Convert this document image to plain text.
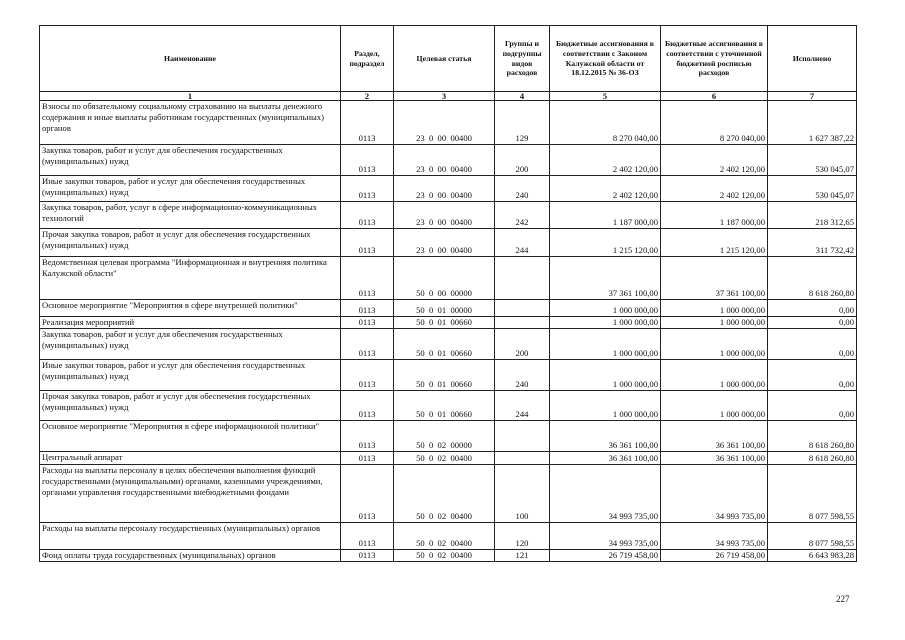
Наименование	Раздел, подраздел	Целевая статья	Группы и подгруппы видов расходов	Бюджетные ассигнования в соответствии с Законом Калужской области от 18.12.2015 № 36-ОЗ	Бюджетные ассигнования в соответствии с уточненной бюджетной росписью расходов	Исполнено
1	2	3	4	5	6	7
Взносы по обязательному социальному страхованию на выплаты денежного содержания и иные выплаты работникам государственных (муниципальных) органов	0113	23  0  00  00400	129	8 270 040,00	8 270 040,00	1 627 387,22
Закупка товаров, работ и услуг для обеспечения государственных (муниципальных) нужд	0113	23  0  00  00400	200	2 402 120,00	2 402 120,00	530 045,07
Иные закупки товаров, работ и услуг для обеспечения государственных (муниципальных) нужд	0113	23  0  00  00400	240	2 402 120,00	2 402 120,00	530 045,07
Закупка товаров, работ, услуг в сфере информационно-коммуникационных технологий	0113	23  0  00  00400	242	1 187 000,00	1 187 000,00	218 312,65
Прочая закупка товаров, работ и услуг для обеспечения государственных (муниципальных) нужд	0113	23  0  00  00400	244	1 215 120,00	1 215 120,00	311 732,42
Ведомственная целевая программа "Информационная и внутренняя политика Калужской области"	0113	50  0  00  00000		37 361 100,00	37 361 100,00	8 618 260,80
Основное мероприятие "Мероприятия в сфере внутренней политики"	0113	50  0  01  00000		1 000 000,00	1 000 000,00	0,00
Реализация мероприятий	0113	50  0  01  00660		1 000 000,00	1 000 000,00	0,00
Закупка товаров, работ и услуг для обеспечения государственных (муниципальных) нужд	0113	50  0  01  00660	200	1 000 000,00	1 000 000,00	0,00
Иные закупки товаров, работ и услуг для обеспечения государственных (муниципальных) нужд	0113	50  0  01  00660	240	1 000 000,00	1 000 000,00	0,00
Прочая закупка товаров, работ и услуг для обеспечения государственных (муниципальных) нужд	0113	50  0  01  00660	244	1 000 000,00	1 000 000,00	0,00
Основное мероприятие "Мероприятия в сфере информационной политики"	0113	50  0  02  00000		36 361 100,00	36 361 100,00	8 618 260,80
Центральный аппарат	0113	50  0  02  00400		36 361 100,00	36 361 100,00	8 618 260,80
Расходы на выплаты персоналу в целях обеспечения выполнения функций государственными (муниципальными) органами, казенными учреждениями, органами управления государственными внебюджетными фондами	0113	50  0  02  00400	100	34 993 735,00	34 993 735,00	8 077 598,55
Расходы на выплаты персоналу государственных (муниципальных) органов	0113	50  0  02  00400	120	34 993 735,00	34 993 735,00	8 077 598,55
Фонд оплаты труда государственных (муниципальных) органов	0113	50  0  02  00400	121	26 719 458,00	26 719 458,00	6 643 983,28
227
